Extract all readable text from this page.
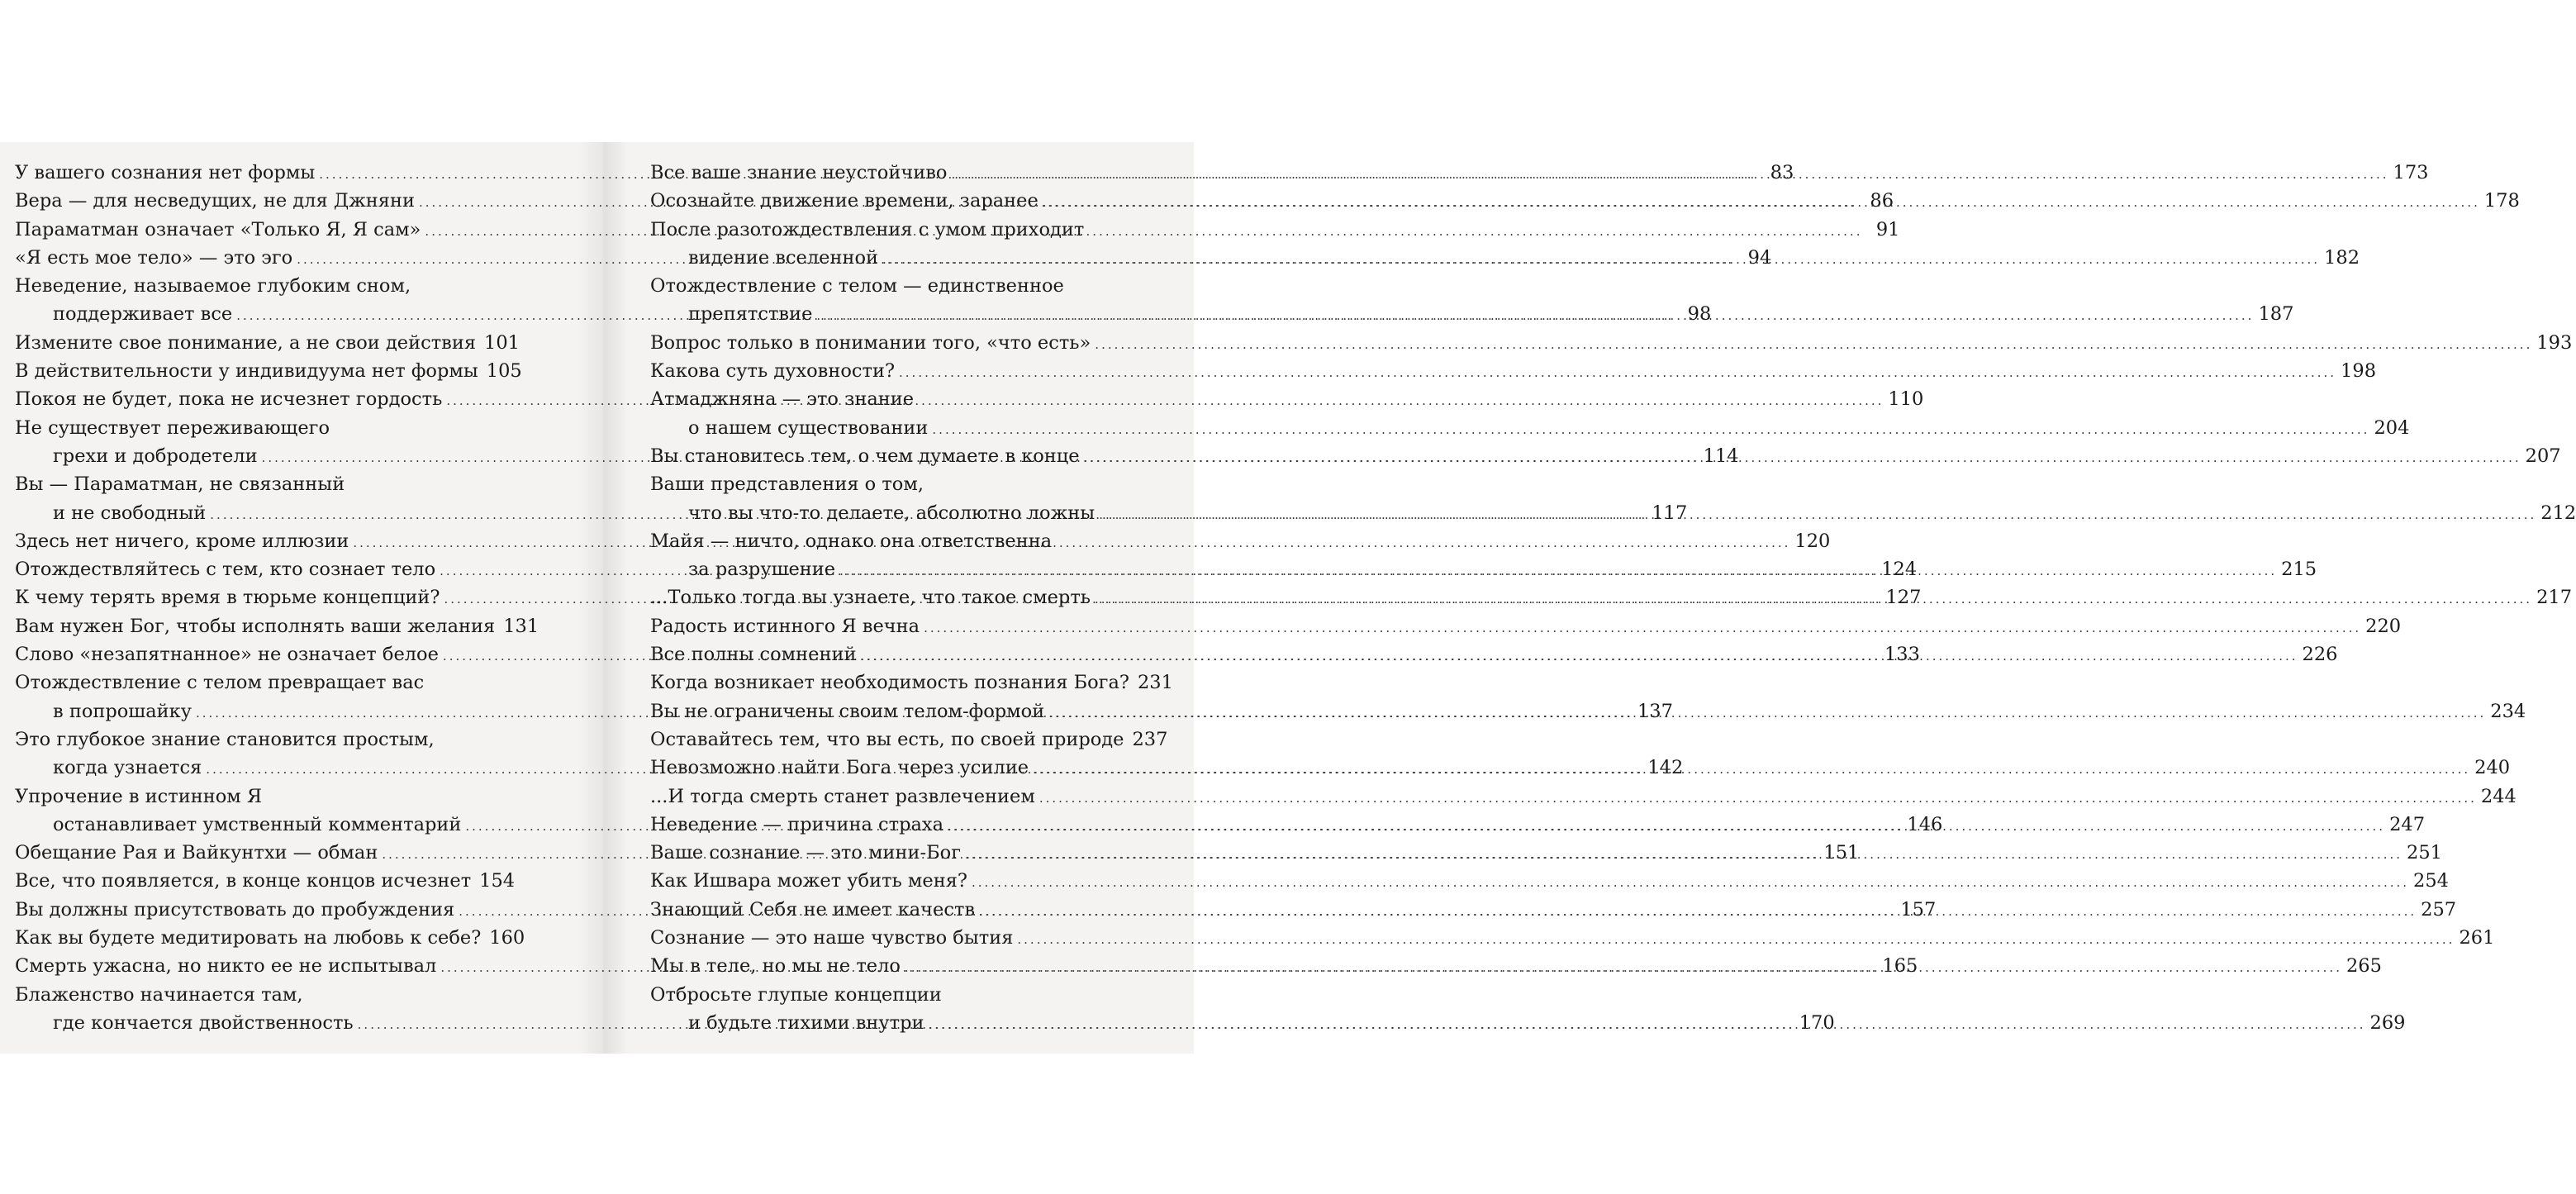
У вашего сознания нет формы .....	83
Вера — для несведущих, не для Джняни .....	86
Параматман означает «Только Я, Я сам» .....	91
«Я есть мое тело» — это эго .....	94
Неведение, называемое глубоким сном,
поддерживает все .....	98
Измените свое понимание, а не свои действия 101
В действительности у индивидуума нет формы 105
Покоя не будет, пока не исчезнет гордость .....	110
Не существует переживающего
грехи и добродетели .....	114
Вы — Параматман, не связанный
и не свободный .....	117
Здесь нет ничего, кроме иллюзии .....	120
Отождествляйтесь с тем, кто сознает тело .....	124
К чему терять время в тюрьме концепций? .....	127
Вам нужен Бог, чтобы исполнять ваши желания 131
Слово «незапятнанное» не означает белое .....	133
Отождествление с телом превращает вас
в попрошайку .....	137
Это глубокое знание становится простым,
когда узнается .....	142
Упрочение в истинном Я
останавливает умственный комментарий .....	146
Обещание Рая и Вайкунтхи — обман .....	151
Все, что появляется, в конце концов исчезнет 154
Вы должны присутствовать до пробуждения .....	157
Как вы будете медитировать на любовь к себе? 160
Смерть ужасна, но никто ее не испытывал .....	165
Блаженство начинается там,
где кончается двойственность .....	170
Все ваше знание неустойчиво .....	173
Осознайте движение времени, заранее .....	178
После разотождествления с умом приходит
видение вселенной .....	182
Отождествление с телом — единственное
препятствие .....	187
Вопрос только в понимании того, «что есть» .....	193
Какова суть духовности? .....	198
Атмаджняна — это знание
о нашем существовании .....	204
Вы становитесь тем, о чем думаете в конце .....	207
Ваши представления о том,
что вы что-то делаете, абсолютно ложны .....	212
Майя — ничто, однако она ответственна
за разрушение .....	215
...Только тогда вы узнаете, что такое смерть .....	217
Радость истинного Я вечна .....	220
Все полны сомнений .....	226
Когда возникает необходимость познания Бога? 231
Вы не ограничены своим телом-формой .....	234
Оставайтесь тем, что вы есть, по своей природе 237
Невозможно найти Бога через усилие .....	240
...И тогда смерть станет развлечением .....	244
Неведение — причина страха .....	247
Ваше сознание — это мини-Бог .....	251
Как Ишвара может убить меня? .....	254
Знающий Себя не имеет качеств .....	257
Сознание — это наше чувство бытия .....	261
Мы в теле, но мы не тело .....	265
Отбросьте глупые концепции
и будьте тихими внутри .....	269
